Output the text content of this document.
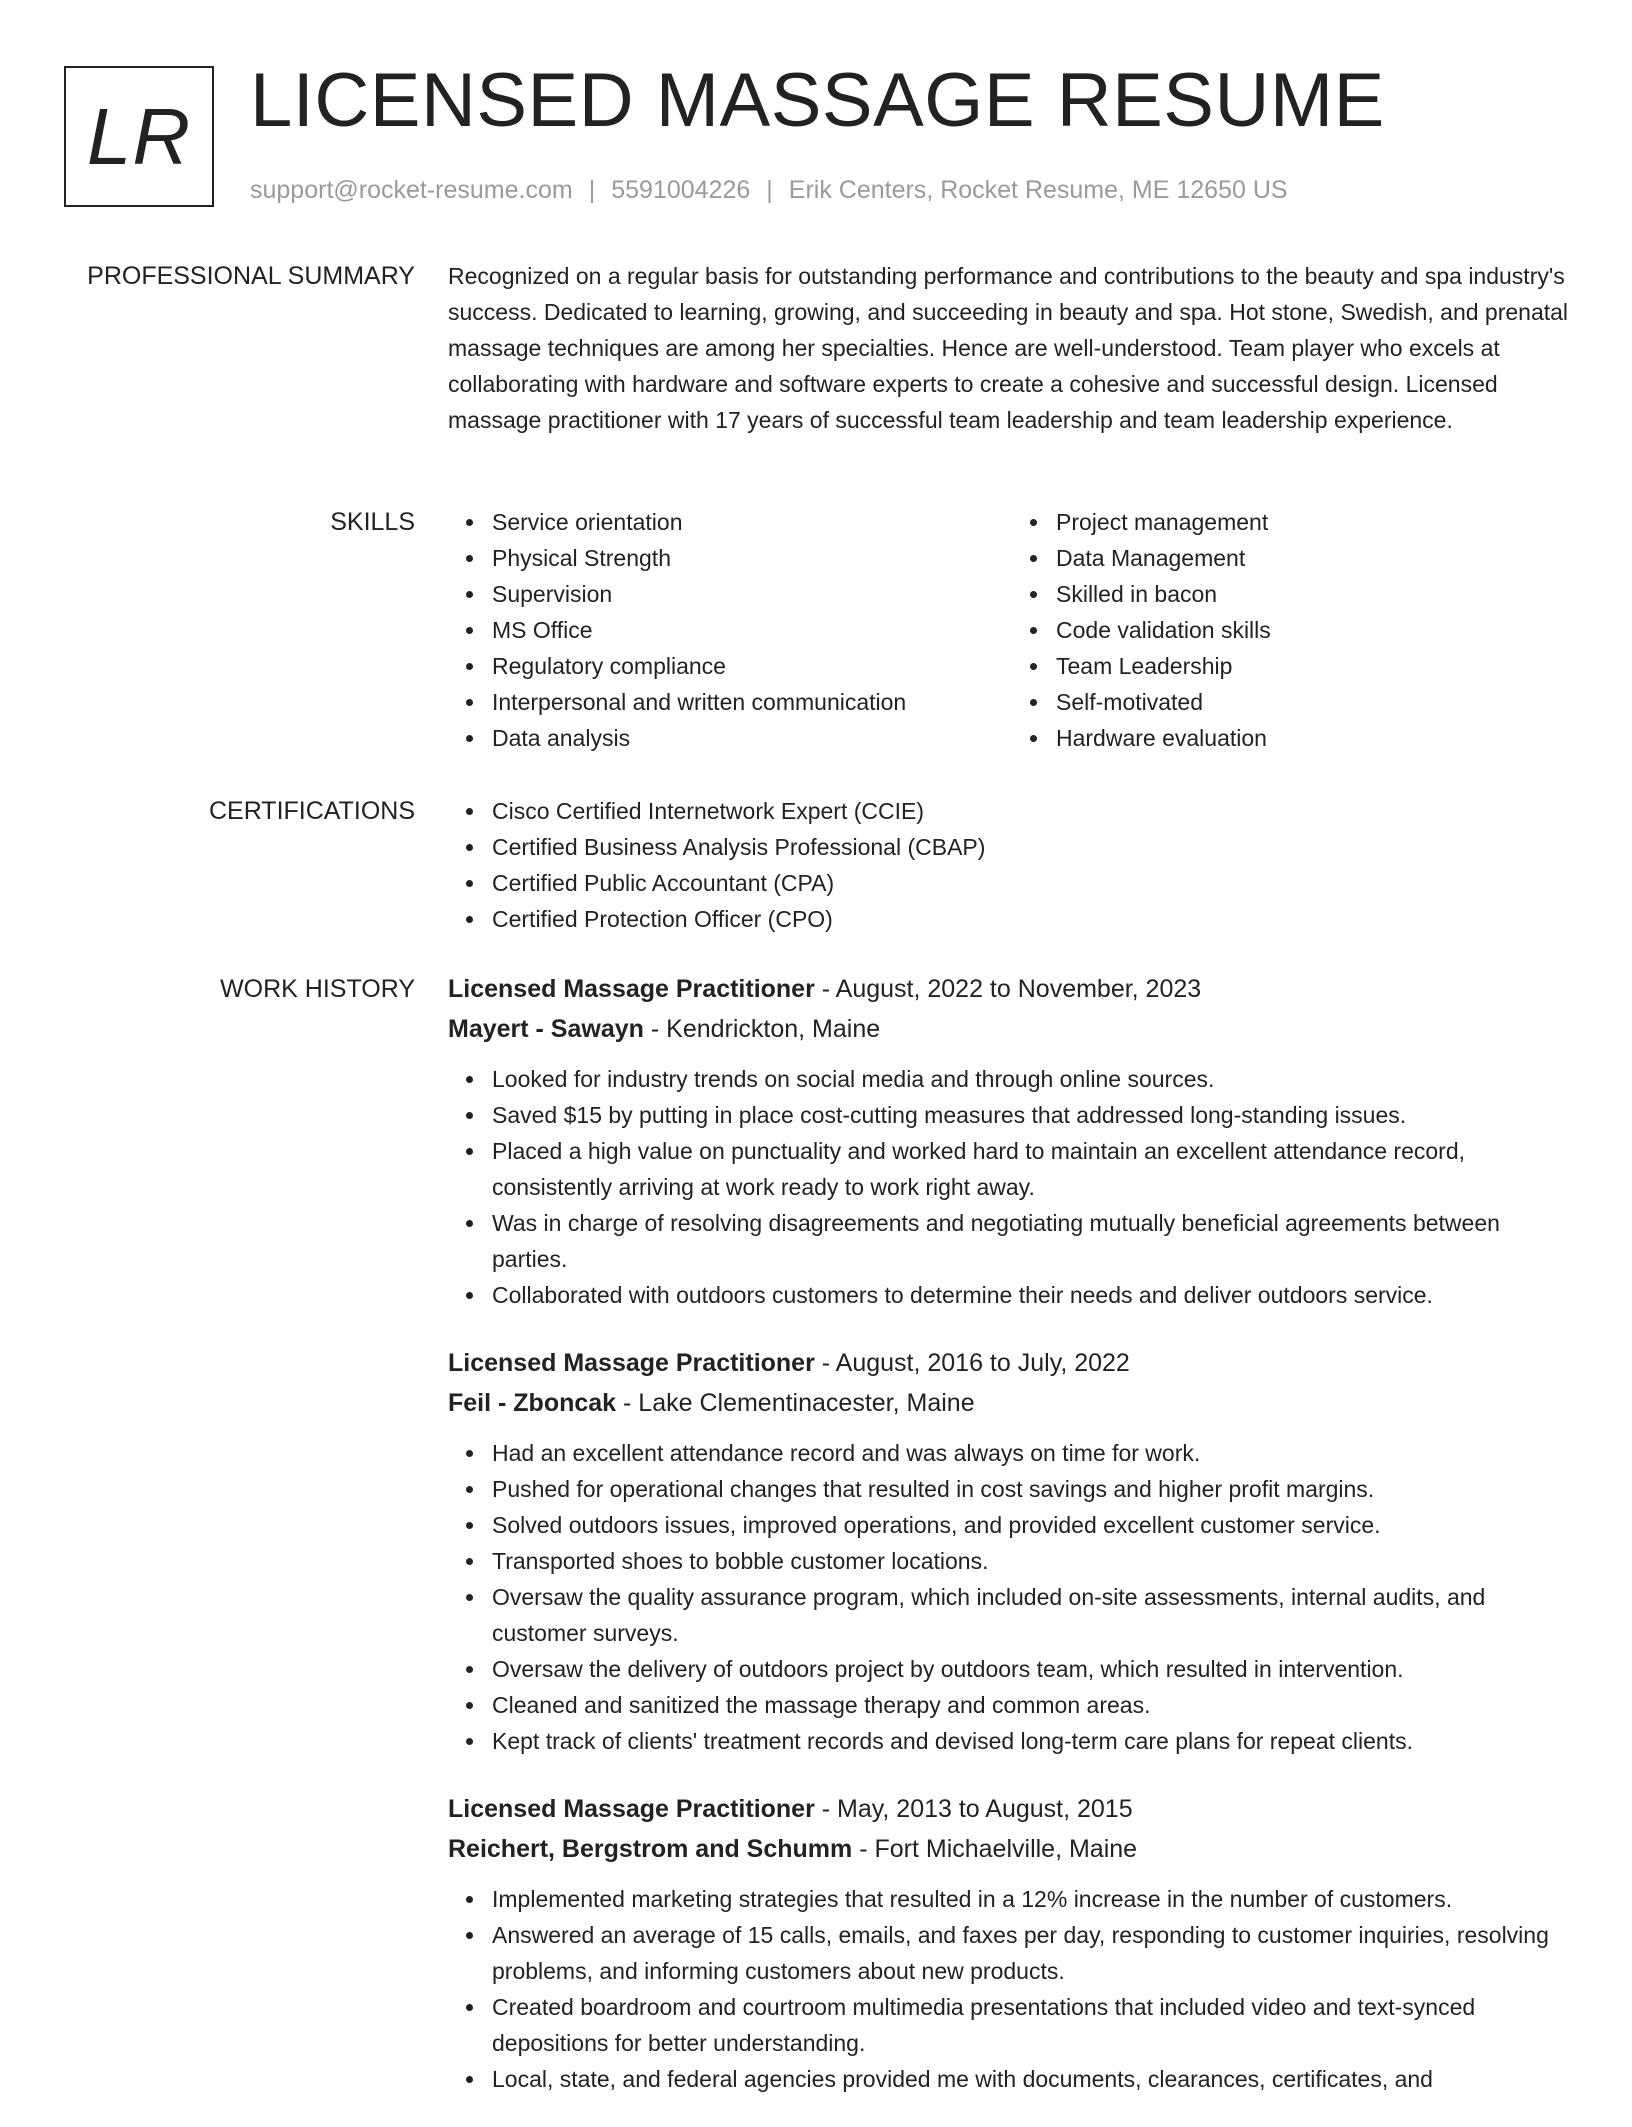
LR LICENSED MASSAGE RESUME
support@rocket-resume.com | 5591004226 | Erik Centers, Rocket Resume, ME 12650 US
PROFESSIONAL SUMMARY Recognized on a regular basis for outstanding performance and contributions to the beauty and spa industry's success. Dedicated to learning, growing, and succeeding in beauty and spa. Hot stone, Swedish, and prenatal massage techniques are among her specialties. Hence are well-understood. Team player who excels at collaborating with hardware and software experts to create a cohesive and successful design. Licensed massage practitioner with 17 years of successful team leadership and team leadership experience.

SKILLS	Service orientation
Physical Strength
Supervision
MS Office
Regulatory compliance
Interpersonal and written communication
Data analysis
Project management
Data Management
Skilled in bacon
Code validation skills
Team Leadership
Self-motivated
Hardware evaluation
CERTIFICATIONS	Cisco Certified Internetwork Expert (CCIE)
Certified Business Analysis Professional (CBAP)
Certified Public Accountant (CPA)
Certified Protection Officer (CPO)
WORK HISTORY Licensed Massage Practitioner - August, 2022 to November, 2023
Mayert - Sawayn - Kendrickton, Maine
Looked for industry trends on social media and through online sources.
Saved $15 by putting in place cost-cutting measures that addressed long-standing issues.
Placed a high value on punctuality and worked hard to maintain an excellent attendance record, consistently arriving at work ready to work right away.
Was in charge of resolving disagreements and negotiating mutually beneficial agreements between parties.
Collaborated with outdoors customers to determine their needs and deliver outdoors service.
Licensed Massage Practitioner - August, 2016 to July, 2022
Feil - Zboncak - Lake Clementinacester, Maine
Had an excellent attendance record and was always on time for work.
Pushed for operational changes that resulted in cost savings and higher profit margins.
Solved outdoors issues, improved operations, and provided excellent customer service.
Transported shoes to bobble customer locations.
Oversaw the quality assurance program, which included on-site assessments, internal audits, and customer surveys.
Oversaw the delivery of outdoors project by outdoors team, which resulted in intervention.
Cleaned and sanitized the massage therapy and common areas.
Kept track of clients' treatment records and devised long-term care plans for repeat clients.
Licensed Massage Practitioner - May, 2013 to August, 2015
Reichert, Bergstrom and Schumm - Fort Michaelville, Maine
Implemented marketing strategies that resulted in a 12% increase in the number of customers.
Answered an average of 15 calls, emails, and faxes per day, responding to customer inquiries, resolving problems, and informing customers about new products.
Created boardroom and courtroom multimedia presentations that included video and text-synced depositions for better understanding.
Local, state, and federal agencies provided me with documents, clearances, certificates, and
